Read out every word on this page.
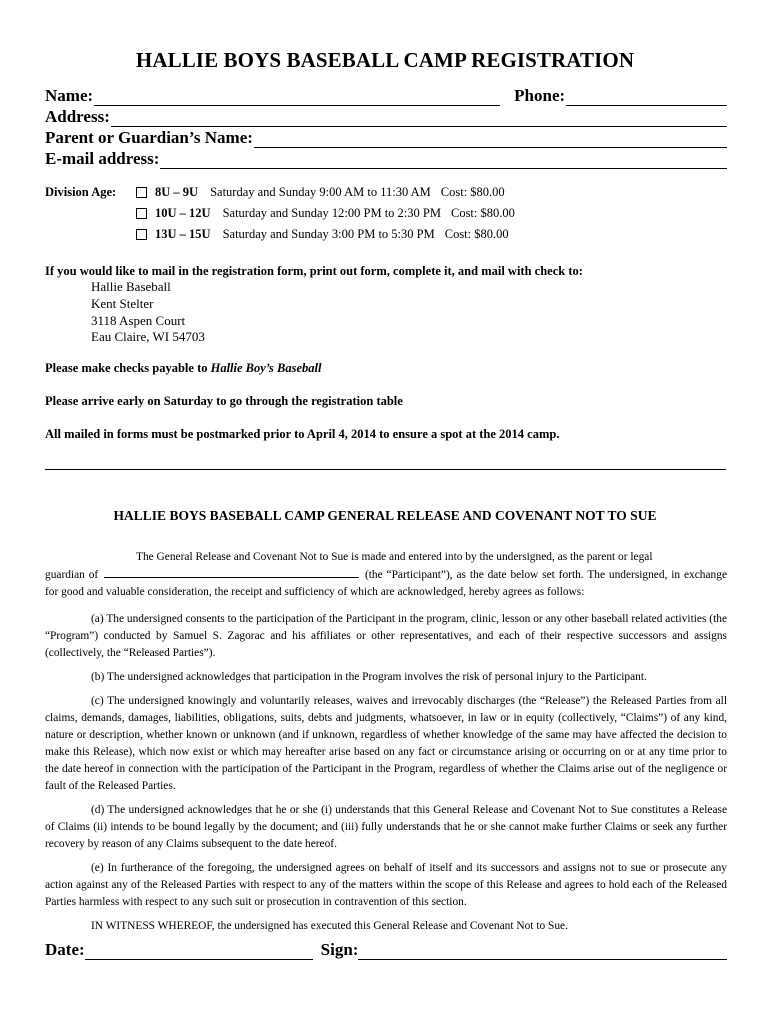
HALLIE BOYS BASEBALL CAMP REGISTRATION
Name:	Phone:
Address:
Parent or Guardian’s Name:
E-mail address:
Division Age:	8U – 9U Saturday and Sunday 9:00 AM to 11:30 AM Cost: $80.00
10U – 12U Saturday and Sunday 12:00 PM to 2:30 PM Cost: $80.00
13U – 15U Saturday and Sunday 3:00 PM to 5:30 PM Cost: $80.00
If you would like to mail in the registration form, print out form, complete it, and mail with check to:
Hallie Baseball
Kent Stelter
3118 Aspen Court
Eau Claire, WI 54703
Please make checks payable to Hallie Boy’s Baseball
Please arrive early on Saturday to go through the registration table
All mailed in forms must be postmarked prior to April 4, 2014 to ensure a spot at the 2014 camp.
HALLIE BOYS BASEBALL CAMP GENERAL RELEASE AND COVENANT NOT TO SUE
The General Release and Covenant Not to Sue is made and entered into by the undersigned, as the parent or legal
guardian of	(the “Participant”), as the date below set forth. The undersigned, in exchange for good and valuable consideration, the receipt and sufficiency of which are acknowledged, hereby agrees as follows:
(a) The undersigned consents to the participation of the Participant in the program, clinic, lesson or any other baseball related activities (the “Program”) conducted by Samuel S. Zagorac and his affiliates or other representatives, and each of their respective successors and assigns (collectively, the “Released Parties”).
(b) The undersigned acknowledges that participation in the Program involves the risk of personal injury to the Participant.
(c) The undersigned knowingly and voluntarily releases, waives and irrevocably discharges (the “Release”) the Released Parties from all claims, demands, damages, liabilities, obligations, suits, debts and judgments, whatsoever, in law or in equity (collectively, “Claims”) of any kind, nature or description, whether known or unknown (and if unknown, regardless of whether knowledge of the same may have affected the decision to make this Release), which now exist or which may hereafter arise based on any fact or circumstance arising or occurring on or at any time prior to the date hereof in connection with the participation of the Participant in the Program, regardless of whether the Claims arise out of the negligence or fault of the Released Parties.
(d) The undersigned acknowledges that he or she (i) understands that this General Release and Covenant Not to Sue constitutes a Release of Claims (ii) intends to be bound legally by the document; and (iii) fully understands that he or she cannot make further Claims or seek any further recovery by reason of any Claims subsequent to the date hereof.
(e) In furtherance of the foregoing, the undersigned agrees on behalf of itself and its successors and assigns not to sue or prosecute any action against any of the Released Parties with respect to any of the matters within the scope of this Release and agrees to hold each of the Released Parties harmless with respect to any such suit or prosecution in contravention of this section.
IN WITNESS WHEREOF, the undersigned has executed this General Release and Covenant Not to Sue.
Date:	Sign:
